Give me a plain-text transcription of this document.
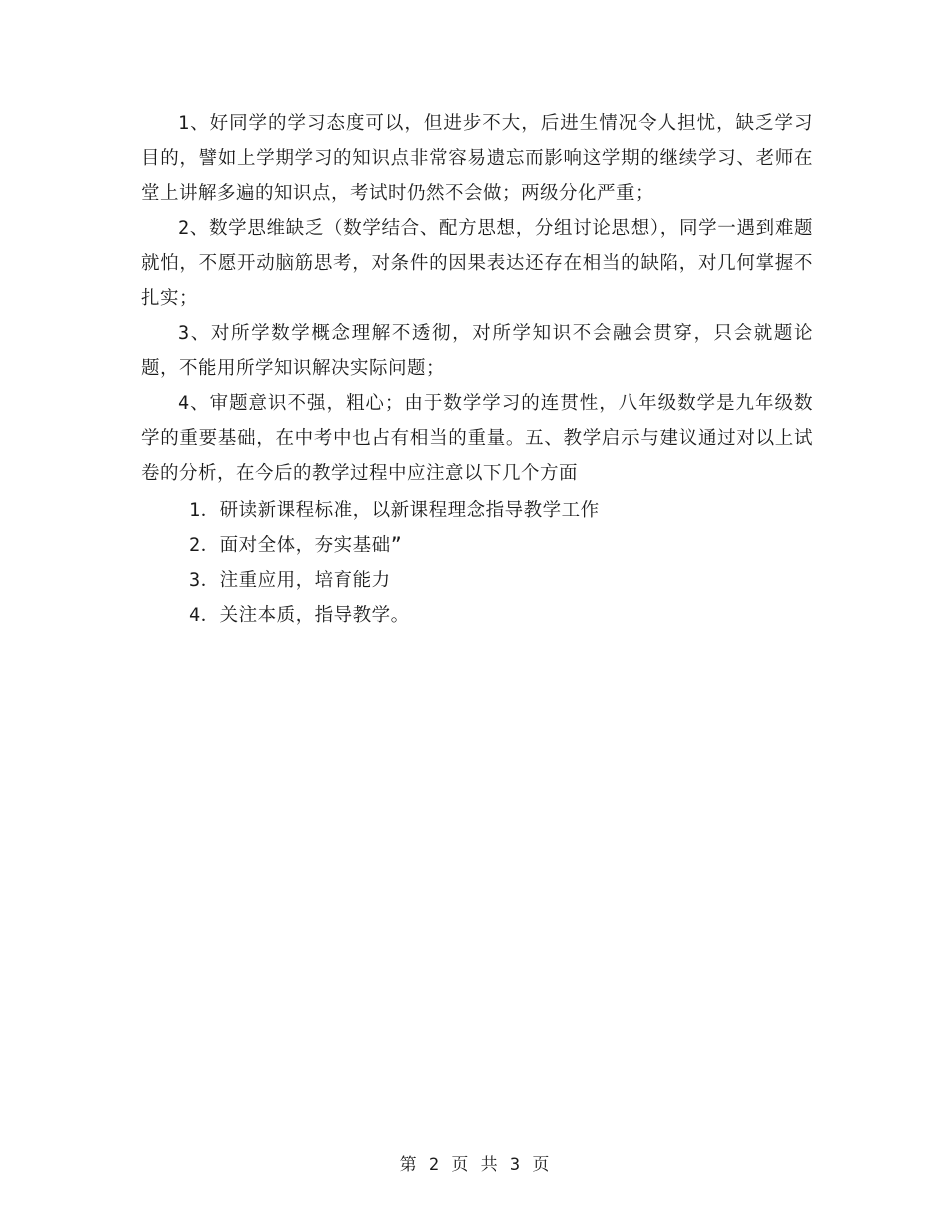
1、好同学的学习态度可以，但进步不大，后进生情况令人担忧，缺乏学习目的，譬如上学期学习的知识点非常容易遗忘而影响这学期的继续学习、老师在堂上讲解多遍的知识点，考试时仍然不会做；两级分化严重；

2、数学思维缺乏（数学结合、配方思想，分组讨论思想），同学一遇到难题就怕，不愿开动脑筋思考，对条件的因果表达还存在相当的缺陷，对几何掌握不扎实；

3、对所学数学概念理解不透彻，对所学知识不会融会贯穿，只会就题论题，不能用所学知识解决实际问题；

4、审题意识不强，粗心；由于数学学习的连贯性，八年级数学是九年级数学的重要基础，在中考中也占有相当的重量。五、教学启示与建议通过对以上试卷的分析，在今后的教学过程中应注意以下几个方面

1．研读新课程标准，以新课程理念指导教学工作

2．面对全体，夯实基础”

3．注重应用，培育能力

4．关注本质，指导教学。

第 2 页 共 3 页
